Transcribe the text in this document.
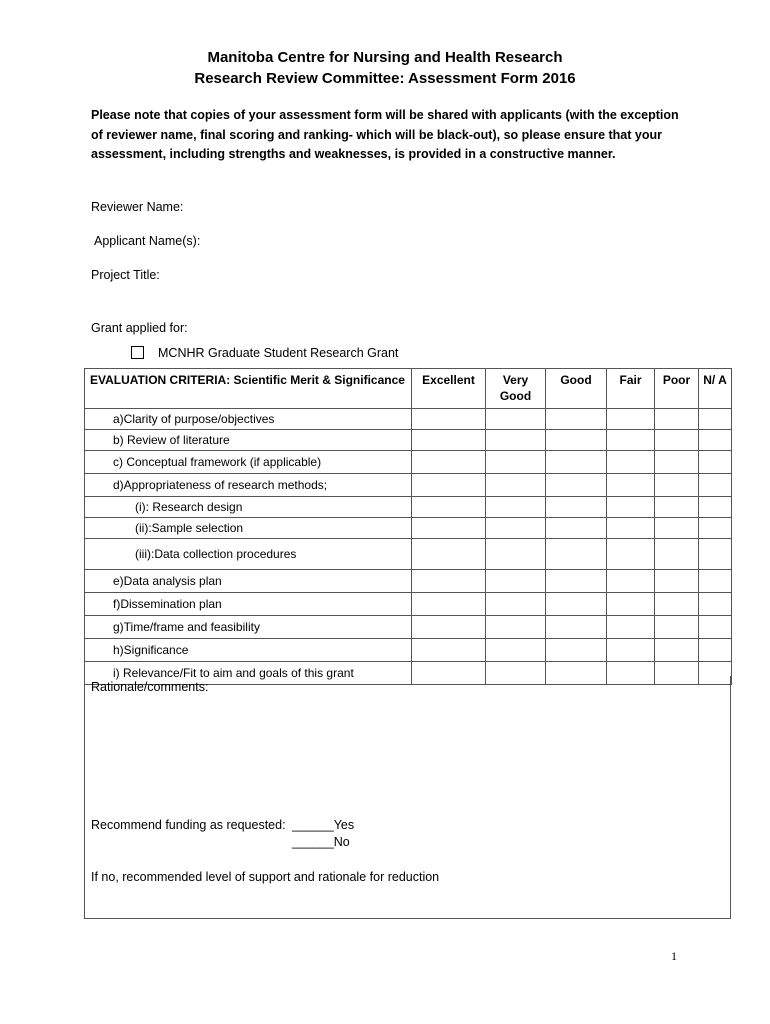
Manitoba Centre for Nursing and Health Research
Research Review Committee: Assessment Form 2016
Please note that copies of your assessment form will be shared with applicants (with the exception of reviewer name, final scoring and ranking- which will be black-out), so please ensure that your assessment, including strengths and weaknesses, is provided in a constructive manner.
Reviewer Name:
Applicant Name(s):
Project Title:
Grant applied for:
MCNHR Graduate Student Research Grant
EVALUATION CRITERIA: Scientific Merit & Significance	Excellent	Very Good	Good	Fair	Poor	N/ A
a)Clarity of purpose/objectives						
b) Review of literature						
c) Conceptual framework (if applicable)						
d)Appropriateness of research methods;						
(i): Research design						
(ii):Sample selection						
(iii):Data collection procedures						
e)Data analysis plan						
f)Dissemination plan						
g)Time/frame and feasibility						
h)Significance						
i) Relevance/Fit to aim and goals of this grant						
Rationale/comments:
Recommend funding as requested: ______Yes
______No
If no, recommended level of support and rationale for reduction
1
